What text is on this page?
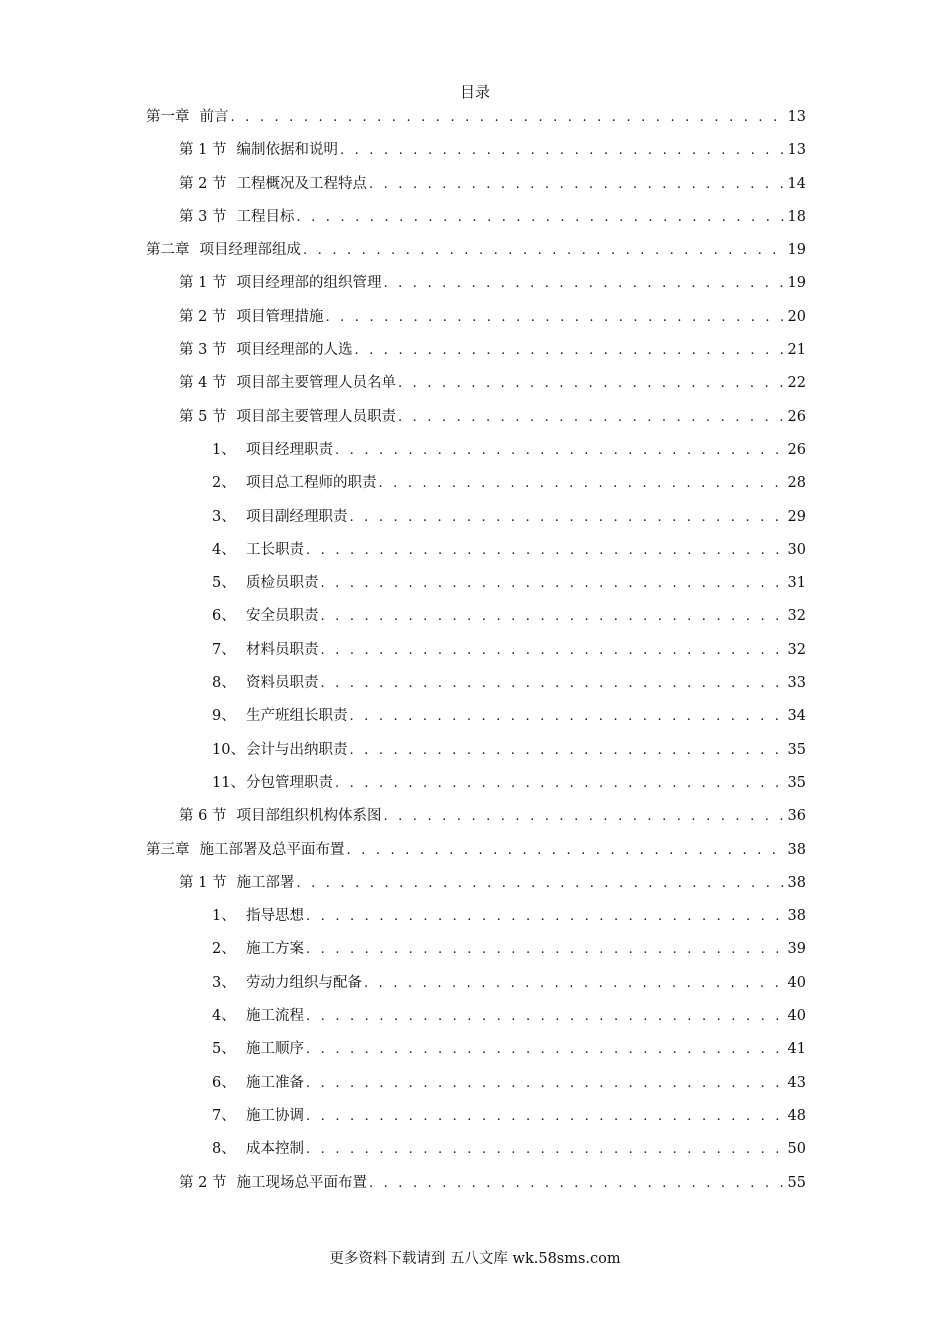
目录
第一章 前言 . . .	13
第 1 节 编制依据和说明 . . .	13
第 2 节 工程概况及工程特点 . . .	14
第 3 节 工程目标 . . .	18
第二章 项目经理部组成 . . .	19
第 1 节 项目经理部的组织管理 . . .	19
第 2 节 项目管理措施 . . .	20
第 3 节 项目经理部的人选 . . .	21
第 4 节 项目部主要管理人员名单 . . .	22
第 5 节 项目部主要管理人员职责 . . .	26
1、 项目经理职责 . . .	26
2、 项目总工程师的职责 . . .	28
3、 项目副经理职责 . . .	29
4、 工长职责 . . .	30
5、 质检员职责 . . .	31
6、 安全员职责 . . .	32
7、 材料员职责 . . .	32
8、 资料员职责 . . .	33
9、 生产班组长职责 . . .	34
10、 会计与出纳职责 . . .	35
11、 分包管理职责 . . .	35
第 6 节 项目部组织机构体系图 . . .	36
第三章 施工部署及总平面布置 . . .	38
第 1 节 施工部署 . . .	38
1、 指导思想 . . .	38
2、 施工方案 . . .	39
3、 劳动力组织与配备 . . .	40
4、 施工流程 . . .	40
5、 施工顺序 . . .	41
6、 施工准备 . . .	43
7、 施工协调 . . .	48
8、 成本控制 . . .	50
第 2 节 施工现场总平面布置 . . .	55
更多资料下载请到 五八文库 wk.58sms.com
